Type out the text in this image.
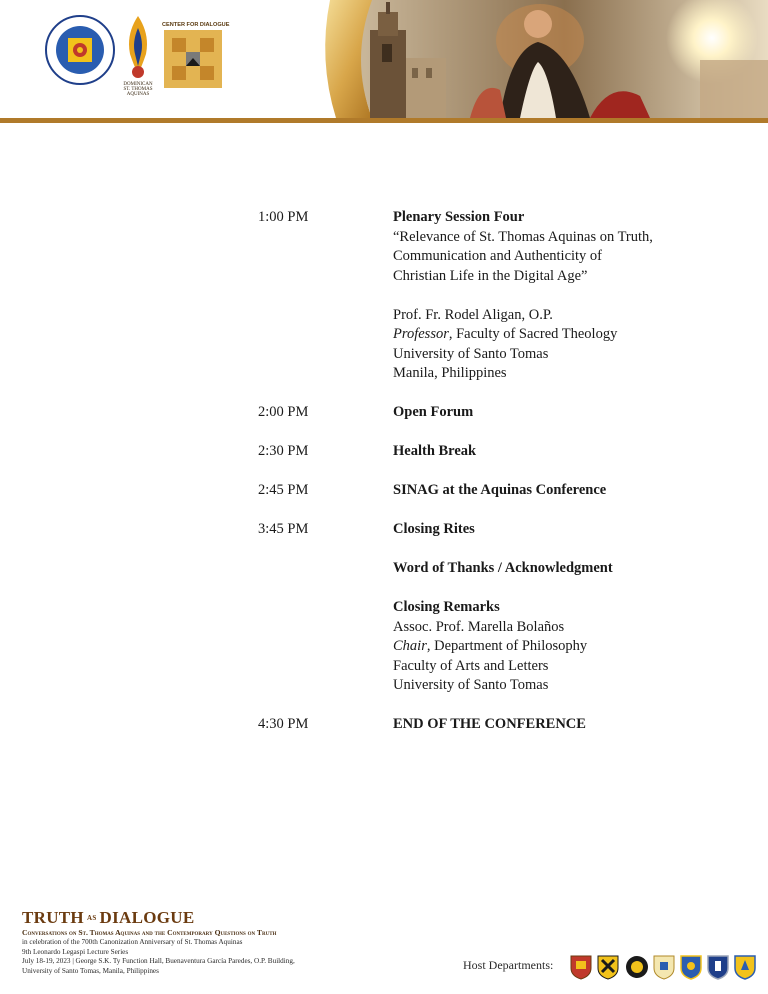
DOMINICAN
ST. THOMAS
AQUINAS
CENTER FOR DIALOGUE
1:00 PM	Plenary Session Four
“Relevance of St. Thomas Aquinas on Truth,
Communication and Authenticity of
Christian Life in the Digital Age”
Prof. Fr. Rodel Aligan, O.P.
Professor, Faculty of Sacred Theology
University of Santo Tomas
Manila, Philippines
2:00 PM	Open Forum
2:30 PM	Health Break
2:45 PM	SINAG at the Aquinas Conference
3:45 PM	Closing Rites
Word of Thanks / Acknowledgment
Closing Remarks
Assoc. Prof. Marella Bolaños
Chair, Department of Philosophy
Faculty of Arts and Letters
University of Santo Tomas
4:30 PM	END OF THE CONFERENCE
TRUTH AS DIALOGUE
Conversations on St. Thomas Aquinas and the Contemporary Questions on Truth
in celebration of the 700th Canonization Anniversary of St. Thomas Aquinas
9th Leonardo Legaspi Lecture Series
July 18-19, 2023 | George S.K. Ty Function Hall, Buenaventura García Paredes, O.P. Building,
University of Santo Tomas, Manila, Philippines	Host Departments:
